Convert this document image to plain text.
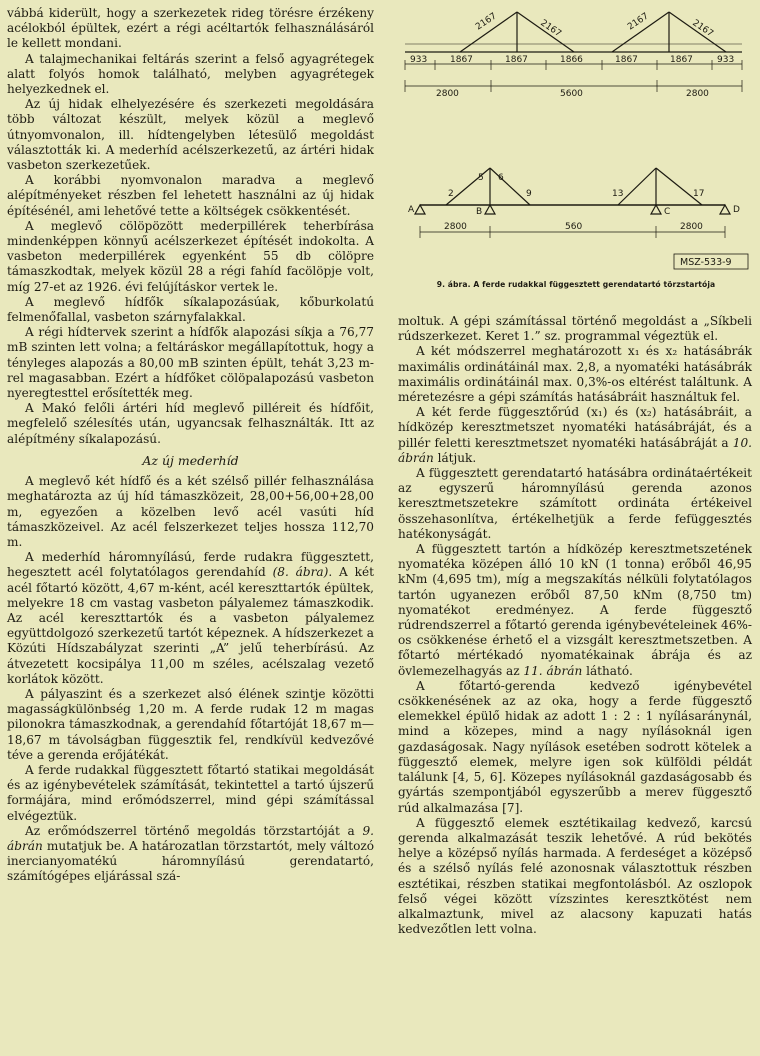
vábbá kiderült, hogy a szerkezetek rideg törésre érzékeny acélokból épültek, ezért a régi acéltartók felhasználásáról le kellett mondani.

A talajmechanikai feltárás szerint a felső agyagrétegek alatt folyós homok található, melyben agyagrétegek helyezkednek el.

Az új hidak elhelyezésére és szerkezeti megoldására több változat készült, melyek közül a meglevő útnyomvonalon, ill. hídtengelyben létesülő megoldást választották ki. A mederhíd acélszerkezetű, az ártéri hidak vasbeton szerkezetűek.

A korábbi nyomvonalon maradva a meglevő alépítményeket részben fel lehetett használni az új hidak építésénél, ami lehetővé tette a költségek csökkentését.

A meglevő cölöpözött mederpillérek teherbírása mindenképpen könnyű acélszerkezet építését indokolta. A vasbeton mederpillérek egyenként 55 db cölöpre támaszkodtak, melyek közül 28 a régi fahíd facölöpje volt, míg 27-et az 1926. évi felújításkor vertek le.

A meglevő hídfők síkalapozásúak, kőburkolatú felmenőfallal, vasbeton szárnyfalakkal.

A régi hídtervek szerint a hídfők alapozási síkja a 76,77 mB szinten lett volna; a feltáráskor megállapítottuk, hogy a tényleges alapozás a 80,00 mB szinten épült, tehát 3,23 m-rel magasabban. Ezért a hídfőket cölöpalapozású vasbeton nyeregtesttel erősítették meg.

A Makó felőli ártéri híd meglevő pilléreit és hídfőit, megfelelő szélesítés után, ugyancsak felhasználták. Itt az alépítmény síkalapozású.

Az új mederhíd

A meglevő két hídfő és a két szélső pillér felhasználása meghatározta az új híd támaszközeit, 28,00+56,00+28,00 m, egyezően a közelben levő acél vasúti híd támaszközeivel. Az acél felszerkezet teljes hossza 112,70 m.

A mederhíd háromnyílású, ferde rudakra függesztett, hegesztett acél folytatólagos gerendahíd (8. ábra). A két acél főtartó között, 4,67 m-ként, acél kereszttartók épültek, melyekre 18 cm vastag vasbeton pályalemez támaszkodik. Az acél kereszttartók és a vasbeton pályalemez együttdolgozó szerkezetű tartót képeznek. A hídszerkezet a Közúti Hídszabályzat szerinti „A” jelű teherbírású. Az átvezetett kocsipálya 11,00 m széles, acélszalag vezető korlátok között.

A pályaszint és a szerkezet alsó élének szintje közötti magasságkülönbség 1,20 m. A ferde rudak 12 m magas pilonokra támaszkodnak, a gerendahíd főtartóját 18,67 m—18,67 m távolságban függesztik fel, rendkívül kedvezővé téve a gerenda erőjátékát.

A ferde rudakkal függesztett főtartó statikai megoldását és az igénybevételek számítását, tekintettel a tartó újszerű formájára, mind erőmódszerrel, mind gépi számítással elvégeztük.

Az erőmódszerrel történő megoldás törzstartóját a 9. ábrán mutatjuk be. A határozatlan törzstartót, mely változó inercianyomatékú háromnyílású gerendatartó, számítógépes eljárással szá-

2167	2167	2167	2167
933	1867	1867	1866	1867	1867	933
2800	5600	2800
2
5 6
9	13	17
A	B	C	D
2800	560	2800
MSZ-533-9
9. ábra. A ferde rudakkal függesztett gerendatartó törzstartója

moltuk. A gépi számítással történő megoldást a „Síkbeli rúdszerkezet. Keret 1.” sz. programmal végeztük el.

A két módszerrel meghatározott x₁ és x₂ hatásábrák maximális ordinátáinál max. 2,8, a nyomatéki hatásábrák maximális ordinátáinál max. 0,3%-os eltérést találtunk. A méretezésre a gépi számítás hatásábráit használtuk fel.

A két ferde függesztőrúd (x₁) és (x₂) hatásábráit, a hídközép keresztmetszet nyomatéki hatásábráját, és a pillér feletti keresztmetszet nyomatéki hatásábráját a 10. ábrán látjuk.

A függesztett gerendatartó hatásábra ordinátaértékeit az egyszerű háromnyílású gerenda azonos keresztmetszetekre számított ordináta értékeivel összehasonlítva, értékelhetjük a ferde fefüggesztés hatékonyságát.

A függesztett tartón a hídközép keresztmetszetének nyomatéka középen álló 10 kN (1 tonna) erőből 46,95 kNm (4,695 tm), míg a megszakítás nélküli folytatólagos tartón ugyanezen erőből 87,50 kNm (8,750 tm) nyomatékot eredményez. A ferde függesztő rúdrendszerrel a főtartó gerenda igénybevételeinek 46%-os csökkenése érhető el a vizsgált keresztmetszetben. A főtartó mértékadó nyomatékainak ábrája és az övlemezelhagyás az 11. ábrán látható.

A főtartó-gerenda kedvező igénybevétel csökkenésének az az oka, hogy a ferde függesztő elemekkel épülő hidak az adott 1 : 2 : 1 nyílásaránynál, mind a közepes, mind a nagy nyílásoknál igen gazdaságosak. Nagy nyílások esetében sodrott kötelek a függesztő elemek, melyre igen sok külföldi példát találunk [4, 5, 6]. Közepes nyílásoknál gazdaságosabb és gyártás szempontjából egyszerűbb a merev függesztő rúd alkalmazása [7].

A függesztő elemek esztétikailag kedvező, karcsú gerenda alkalmazását teszik lehetővé. A rúd bekötés helye a középső nyílás harmada. A ferdeséget a középső és a szélső nyílás felé azonosnak választottuk részben esztétikai, részben statikai megfontolásból. Az oszlopok felső végei között vízszintes keresztkötést nem alkalmaztunk, mivel az alacsony kapuzati hatás kedvezőtlen lett volna.
